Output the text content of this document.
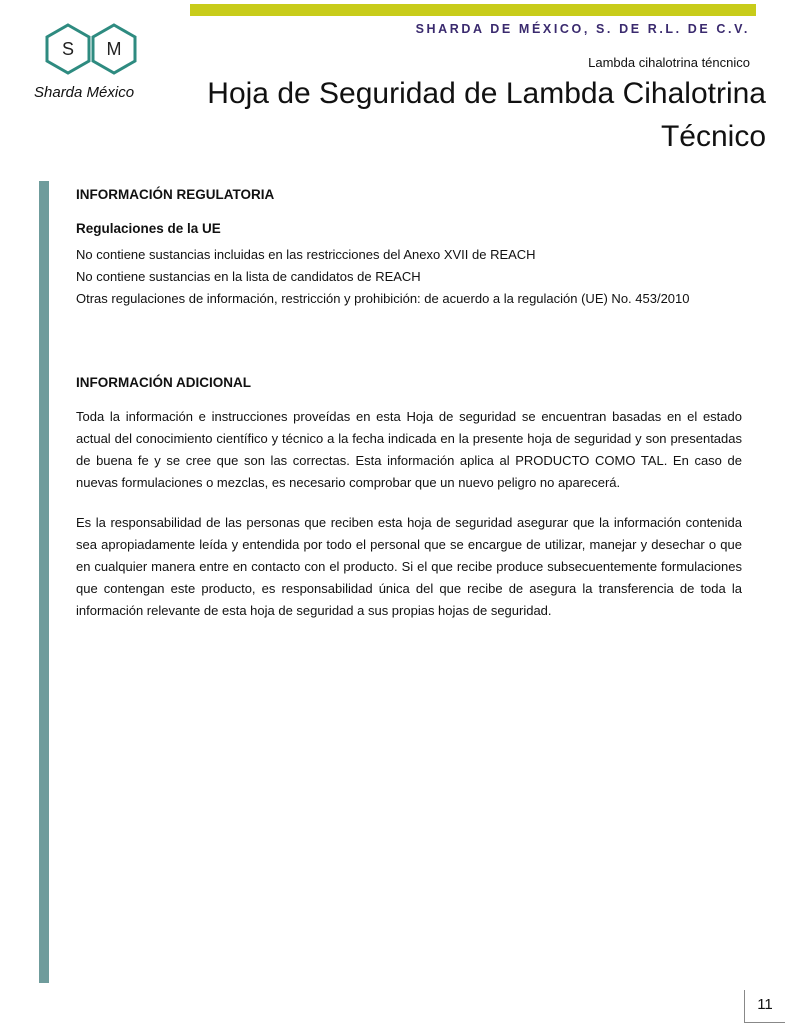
S M
Sharda México
SHARDA DE MÉXICO, S. DE R.L. DE C.V.
Lambda cihalotrina téncnico
Hoja de Seguridad de Lambda Cihalotrina
Técnico
INFORMACIÓN REGULATORIA
Regulaciones de la UE

No contiene sustancias incluidas en las restricciones del Anexo XVII de REACH

No contiene sustancias en la lista de candidatos de REACH

Otras regulaciones de información, restricción y prohibición: de acuerdo a la regulación (UE) No. 453/2010

INFORMACIÓN ADICIONAL

Toda la información e instrucciones proveídas en esta Hoja de seguridad se encuentran basadas en el estado actual del conocimiento científico y técnico a la fecha indicada en la presente hoja de seguridad y son presentadas de buena fe y se cree que son las correctas. Esta información aplica al PRODUCTO COMO TAL. En caso de nuevas formulaciones o mezclas, es necesario comprobar que un nuevo peligro no aparecerá.

Es la responsabilidad de las personas que reciben esta hoja de seguridad asegurar que la información contenida sea apropiadamente leída y entendida por todo el personal que se encargue de utilizar, manejar y desechar o que en cualquier manera entre en contacto con el producto. Si el que recibe produce subsecuentemente formulaciones que contengan este producto, es responsabilidad única del que recibe de asegura la transferencia de toda la información relevante de esta hoja de seguridad a sus propias hojas de seguridad.

11
